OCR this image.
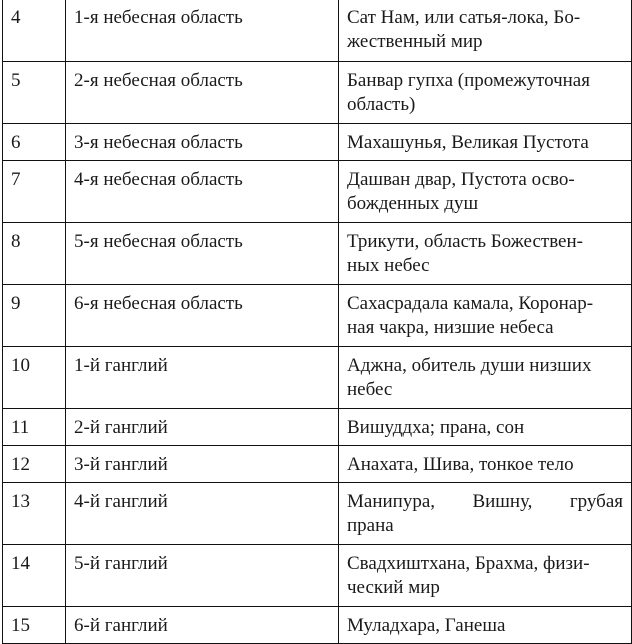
4	1-я небесная область	Сат Нам, или сатья-лока, Бо-
жественный мир
5	2-я небесная область	Банвар гупха (промежуточная
область)
6	3-я небесная область	Махашунья, Великая Пустота
7	4-я небесная область	Дашван двар, Пустота осво-
божденных душ
8	5-я небесная область	Трикути, область Божествен-
ных небес
9	6-я небесная область	Сахасрадала камала, Коронар-
ная чакра, низшие небеса
10	1-й ганглий	Аджна, обитель души низших
небес
11	2-й ганглий	Вишуддха; прана, сон
12	3-й ганглий	Анахата, Шива, тонкое тело
13	4-й ганглий	Манипура, Вишну, грубая
прана

14	5-й ганглий	Свадхиштхана, Брахма, физи-
ческий мир
15	6-й ганглий	Муладхара, Ганеша
